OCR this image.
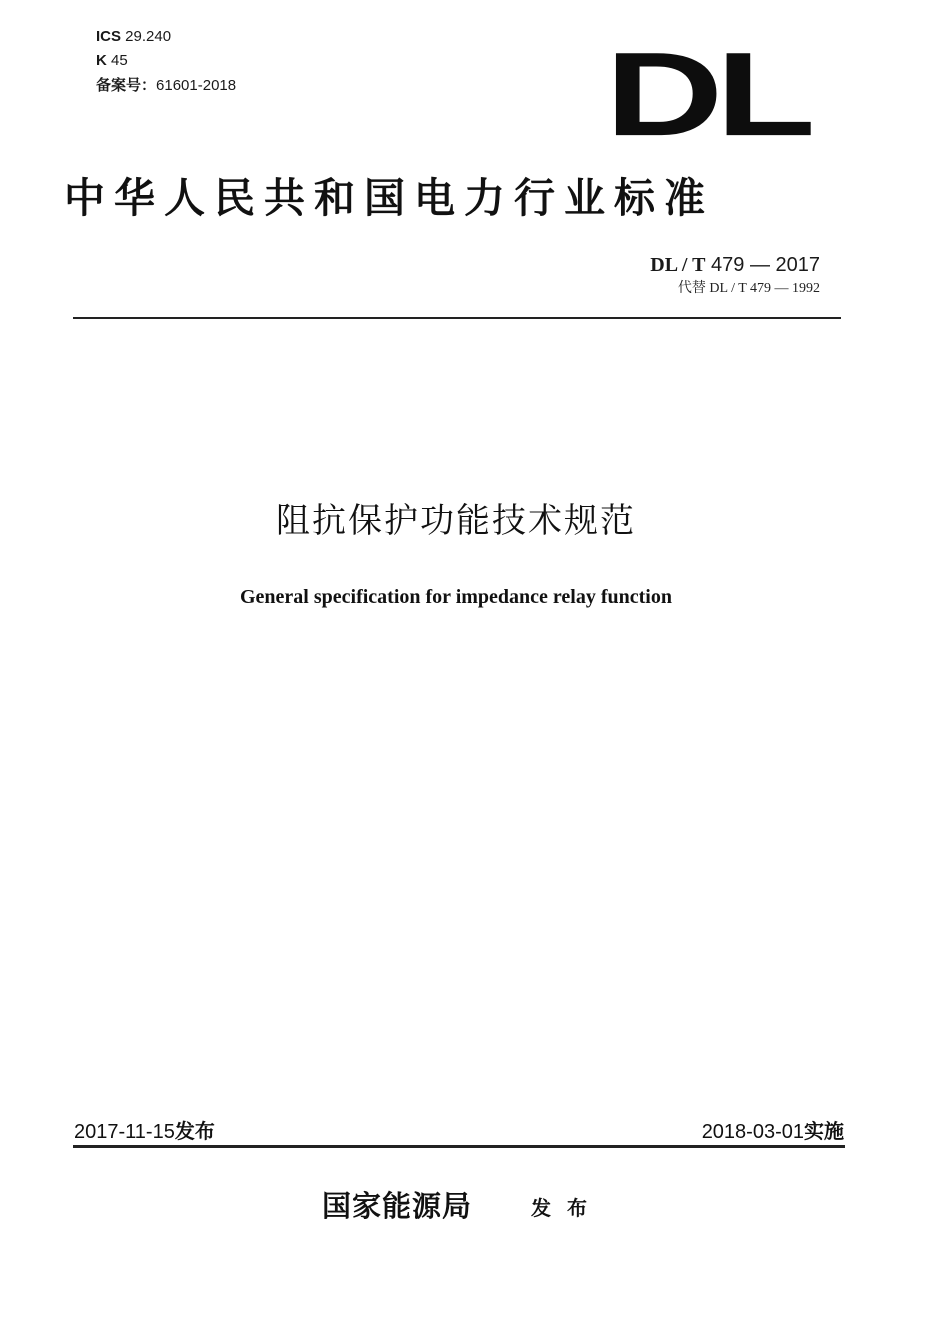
ICS 29.240
K 45
备案号：61601-2018	DL
中华人民共和国电力行业标准
DL / T 479 — 2017
代替 DL / T 479 — 1992
阻抗保护功能技术规范
General specification for impedance relay function
2017-11-15发布	2018-03-01实施
国家能源局	发布
